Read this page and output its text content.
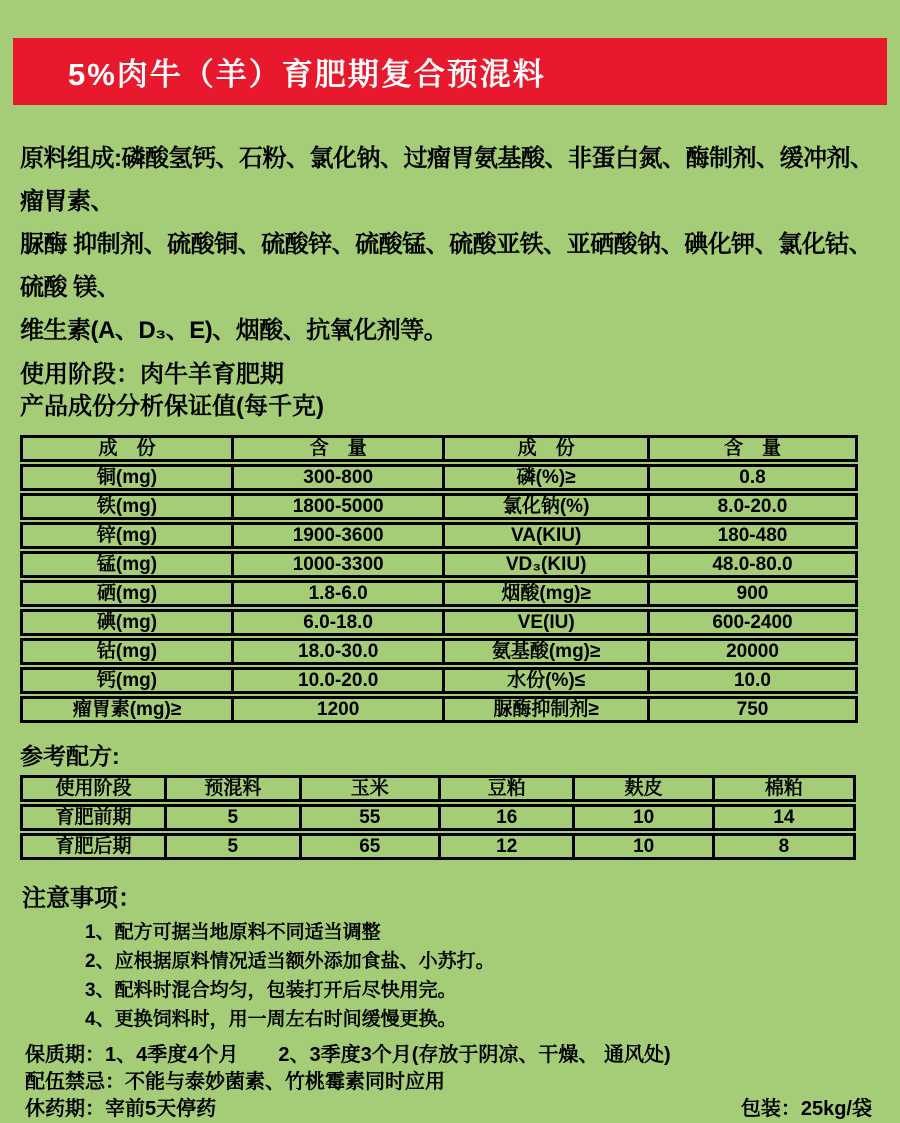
5%肉牛（羊）育肥期复合预混料
原料组成:磷酸氢钙、石粉、氯化钠、过瘤胃氨基酸、非蛋白氮、酶制剂、缓冲剂、瘤胃素、
脲酶 抑制剂、硫酸铜、硫酸锌、硫酸锰、硫酸亚铁、亚硒酸钠、碘化钾、氯化钴、硫酸 镁、
维生素(A、D₃、E)、烟酸、抗氧化剂等。
使用阶段：肉牛羊育肥期
产品成份分析保证值(每千克)
成　份	含　量	成　份	含　量
铜(mg)	300-800	磷(%)≥	0.8
铁(mg)	1800-5000	氯化钠(%)	8.0-20.0
锌(mg)	1900-3600	VA(KIU)	180-480
锰(mg)	1000-3300	VD₃(KIU)	48.0-80.0
硒(mg)	1.8-6.0	烟酸(mg)≥	900
碘(mg)	6.0-18.0	VE(IU)	600-2400
钴(mg)	18.0-30.0	氨基酸(mg)≥	20000
钙(mg)	10.0-20.0	水份(%)≤	10.0
瘤胃素(mg)≥	1200	脲酶抑制剂≥	750
参考配方:
使用阶段	预混料	玉米	豆粕	麸皮	棉粕
育肥前期	5	55	16	10	14
育肥后期	5	65	12	10	8
注意事项：
1、配方可据当地原料不同适当调整
2、应根据原料情况适当额外添加食盐、小苏打。
3、配料时混合均匀，包装打开后尽快用完。
4、更换饲料时，用一周左右时间缓慢更换。
保质期：1、4季度4个月　　2、3季度3个月(存放于阴凉、干燥、 通风处)
配伍禁忌：不能与泰妙菌素、竹桃霉素同时应用
休药期：宰前5天停药	包装：25kg/袋
